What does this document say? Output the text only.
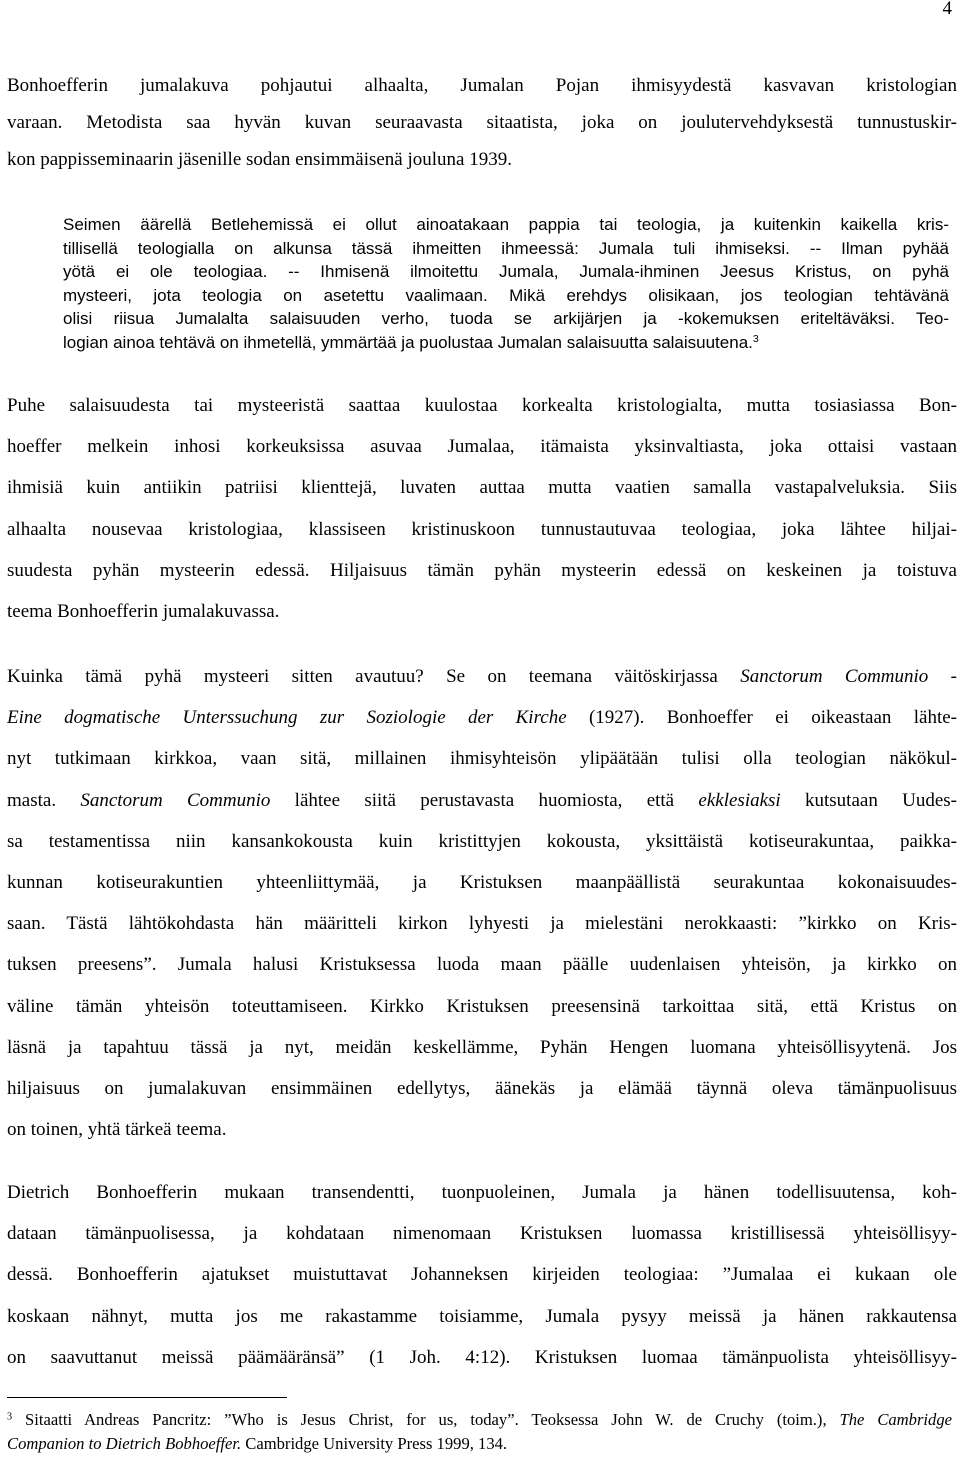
4

Bonhoefferin jumalakuva pohjautui alhaalta, Jumalan Pojan ihmisyydestä kasvavan kristologian
varaan. Metodista saa hyvän kuvan seuraavasta sitaatista, joka on joulutervehdyksestä tunnustuskir-
kon pappisseminaarin jäsenille sodan ensimmäisenä jouluna 1939.

Seimen äärellä Betlehemissä ei ollut ainoatakaan pappia tai teologia, ja kuitenkin kaikella kris-
tillisellä teologialla on alkunsa tässä ihmeitten ihmeessä: Jumala tuli ihmiseksi. -- Ilman pyhää
yötä ei ole teologiaa. -- Ihmisenä ilmoitettu Jumala, Jumala-ihminen Jeesus Kristus, on pyhä
mysteeri, jota teologia on asetettu vaalimaan. Mikä erehdys olisikaan, jos teologian tehtävänä
olisi riisua Jumalalta salaisuuden verho, tuoda se arkijärjen ja -kokemuksen eriteltäväksi. Teo-
logian ainoa tehtävä on ihmetellä, ymmärtää ja puolustaa Jumalan salaisuutta salaisuutena.$^3$

Puhe salaisuudesta tai mysteeristä saattaa kuulostaa korkealta kristologialta, mutta tosiasiassa Bon-
hoeffer melkein inhosi korkeuksissa asuvaa Jumalaa, itämaista yksinvaltiasta, joka ottaisi vastaan
ihmisiä kuin antiikin patriisi klienttejä, luvaten auttaa mutta vaatien samalla vastapalveluksia. Siis
alhaalta nousevaa kristologiaa, klassiseen kristinuskoon tunnustautuvaa teologiaa, joka lähtee hiljai-
suudesta pyhän mysteerin edessä. Hiljaisuus tämän pyhän mysteerin edessä on keskeinen ja toistuva
teema Bonhoefferin jumalakuvassa.

Kuinka tämä pyhä mysteeri sitten avautuu? Se on teemana väitöskirjassa Sanctorum Communio -
Eine dogmatische Unterssuchung zur Soziologie der Kirche (1927). Bonhoeffer ei oikeastaan lähte-
nyt tutkimaan kirkkoa, vaan sitä, millainen ihmisyhteisön ylipäätään tulisi olla teologian näkökul-
masta. Sanctorum Communio lähtee siitä perustavasta huomiosta, että ekklesiaksi kutsutaan Uudes-
sa testamentissa niin kansankokousta kuin kristittyjen kokousta, yksittäistä kotiseurakuntaa, paikka-
kunnan kotiseurakuntien yhteenliittymää, ja Kristuksen maanpäällistä seurakuntaa kokonaisuudes-
saan. Tästä lähtökohdasta hän määritteli kirkon lyhyesti ja mielestäni nerokkaasti: ”kirkko on Kris-
tuksen preesens”. Jumala halusi Kristuksessa luoda maan päälle uudenlaisen yhteisön, ja kirkko on
väline tämän yhteisön toteuttamiseen. Kirkko Kristuksen preesensinä tarkoittaa sitä, että Kristus on
läsnä ja tapahtuu tässä ja nyt, meidän keskellämme, Pyhän Hengen luomana yhteisöllisyytenä. Jos
hiljaisuus on jumalakuvan ensimmäinen edellytys, äänekäs ja elämää täynnä oleva tämänpuolisuus
on toinen, yhtä tärkeä teema.

Dietrich Bonhoefferin mukaan transendentti, tuonpuoleinen, Jumala ja hänen todellisuutensa, koh-
dataan tämänpuolisessa, ja kohdataan nimenomaan Kristuksen luomassa kristillisessä yhteisöllisyy-
dessä. Bonhoefferin ajatukset muistuttavat Johanneksen kirjeiden teologiaa: ”Jumalaa ei kukaan ole
koskaan nähnyt, mutta jos me rakastamme toisiamme, Jumala pysyy meissä ja hänen rakkautensa
on saavuttanut meissä päämääränsä” (1 Joh. 4:12). Kristuksen luomaa tämänpuolista yhteisöllisyy-

$^3$ Sitaatti Andreas Pancritz: ”Who is Jesus Christ, for us, today”. Teoksessa John W. de Cruchy (toim.), The Cambridge
Companion to Dietrich Bobhoeffer. Cambridge University Press 1999, 134.
